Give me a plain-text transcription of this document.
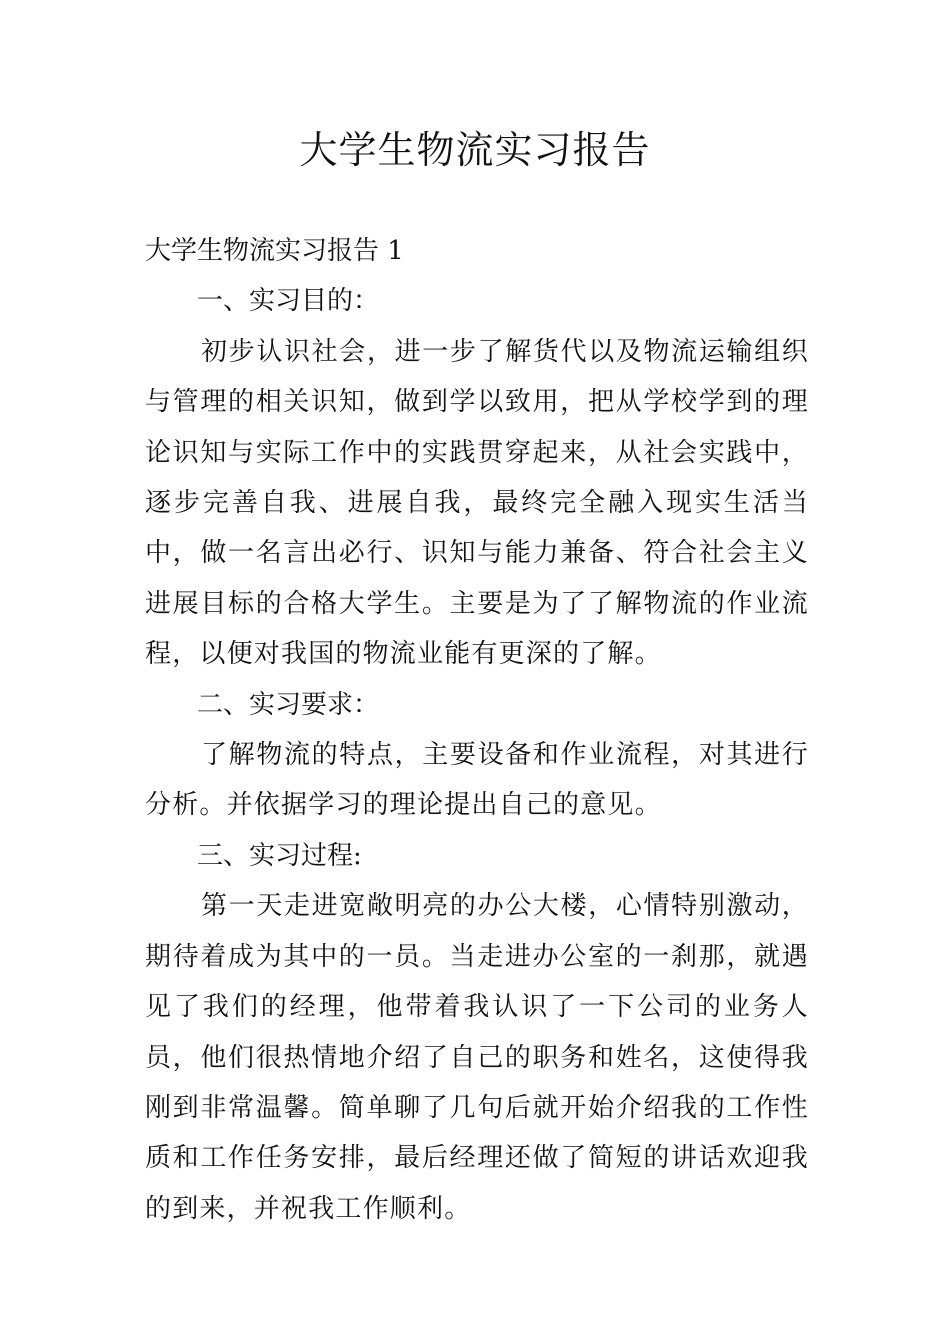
大学生物流实习报告

大学生物流实习报告 1

一、实习目的：

初步认识社会，进一步了解货代以及物流运输组织与管理的相关识知，做到学以致用，把从学校学到的理论识知与实际工作中的实践贯穿起来，从社会实践中，逐步完善自我、进展自我，最终完全融入现实生活当中，做一名言出必行、识知与能力兼备、符合社会主义进展目标的合格大学生。主要是为了了解物流的作业流程，以便对我国的物流业能有更深的了解。

二、实习要求：

了解物流的特点，主要设备和作业流程，对其进行分析。并依据学习的理论提出自己的意见。

三、实习过程:

第一天走进宽敞明亮的办公大楼，心情特别激动，期待着成为其中的一员。当走进办公室的一刹那，就遇见了我们的经理，他带着我认识了一下公司的业务人员，他们很热情地介绍了自己的职务和姓名，这使得我刚到非常温馨。简单聊了几句后就开始介绍我的工作性质和工作任务安排，最后经理还做了简短的讲话欢迎我的到来，并祝我工作顺利。
